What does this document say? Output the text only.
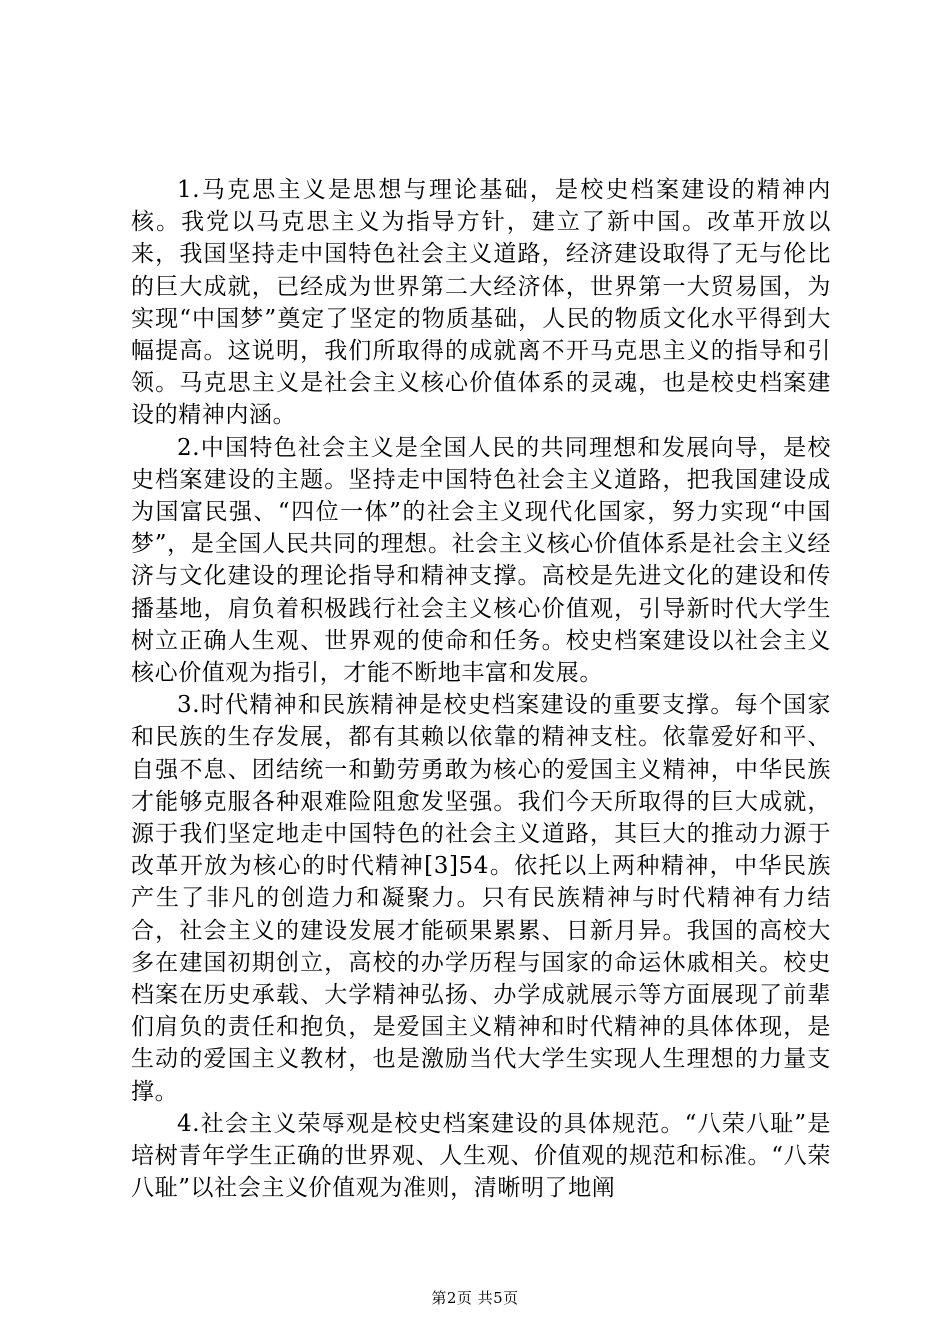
1.马克思主义是思想与理论基础，是校史档案建设的精神内核。我党以马克思主义为指导方针，建立了新中国。改革开放以来，我国坚持走中国特色社会主义道路，经济建设取得了无与伦比的巨大成就，已经成为世界第二大经济体，世界第一大贸易国，为实现“中国梦”奠定了坚定的物质基础，人民的物质文化水平得到大幅提高。这说明，我们所取得的成就离不开马克思主义的指导和引领。马克思主义是社会主义核心价值体系的灵魂，也是校史档案建设的精神内涵。

2.中国特色社会主义是全国人民的共同理想和发展向导，是校史档案建设的主题。坚持走中国特色社会主义道路，把我国建设成为国富民强、“四位一体”的社会主义现代化国家，努力实现“中国梦”，是全国人民共同的理想。社会主义核心价值体系是社会主义经济与文化建设的理论指导和精神支撑。高校是先进文化的建设和传播基地，肩负着积极践行社会主义核心价值观，引导新时代大学生树立正确人生观、世界观的使命和任务。校史档案建设以社会主义核心价值观为指引，才能不断地丰富和发展。

3.时代精神和民族精神是校史档案建设的重要支撑。每个国家和民族的生存发展，都有其赖以依靠的精神支柱。依靠爱好和平、自强不息、团结统一和勤劳勇敢为核心的爱国主义精神，中华民族才能够克服各种艰难险阻愈发坚强。我们今天所取得的巨大成就，源于我们坚定地走中国特色的社会主义道路，其巨大的推动力源于改革开放为核心的时代精神[3]54。依托以上两种精神，中华民族产生了非凡的创造力和凝聚力。只有民族精神与时代精神有力结合，社会主义的建设发展才能硕果累累、日新月异。我国的高校大多在建国初期创立，高校的办学历程与国家的命运休戚相关。校史档案在历史承载、大学精神弘扬、办学成就展示等方面展现了前辈们肩负的责任和抱负，是爱国主义精神和时代精神的具体体现，是生动的爱国主义教材，也是激励当代大学生实现人生理想的力量支撑。

4.社会主义荣辱观是校史档案建设的具体规范。“八荣八耻”是培树青年学生正确的世界观、人生观、价值观的规范和标准。“八荣八耻”以社会主义价值观为准则，清晰明了地阐

第2页 共5页
